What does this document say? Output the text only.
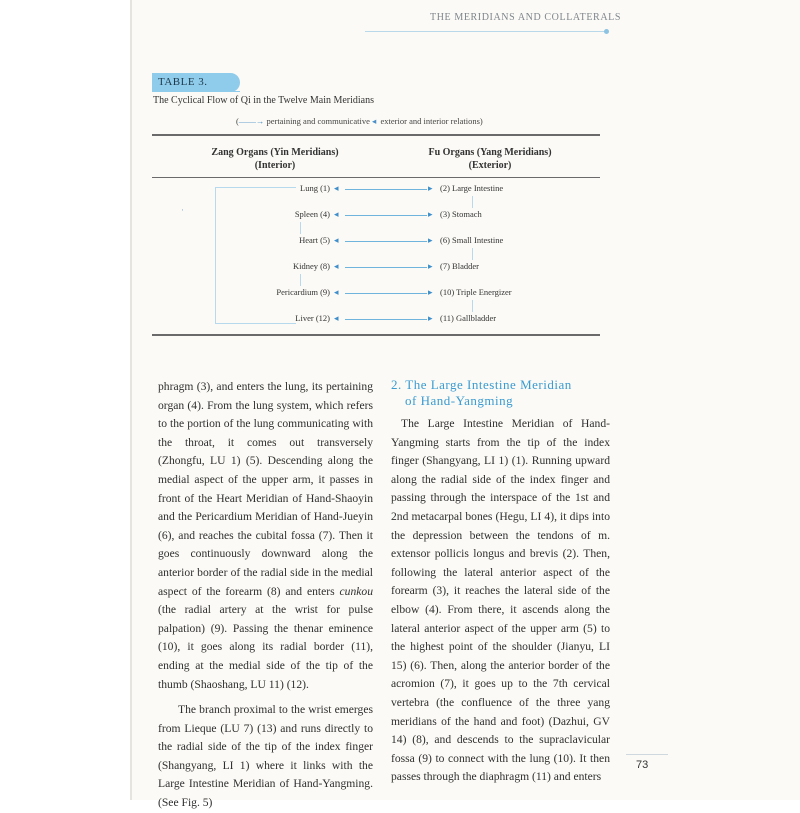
THE MERIDIANS AND COLLATERALS
TABLE 3.
The Cyclical Flow of Qi in the Twelve Main Meridians
(——→ pertaining and communicative ◂ exterior and interior relations)
Zang Organs (Yin Meridians)
(Interior)
Fu Organs (Yang Meridians)
(Exterior)
·
Lung (1)
Spleen (4)
Heart (5)
Kidney (8)
Pericardium (9)
Liver (12)
(2) Large Intestine
(3) Stomach
(6) Small Intestine
(7) Bladder
(10) Triple Energizer
(11) Gallbladder
◂
◂
◂
◂
◂
◂
▸
▸
▸
▸
▸
▸

phragm (3), and enters the lung, its pertaining organ (4). From the lung system, which refers to the portion of the lung communicating with the throat, it comes out transversely (Zhongfu, LU 1) (5). Descending along the medial aspect of the upper arm, it passes in front of the Heart Meridian of Hand-Shaoyin and the Pericardium Meridian of Hand-Jueyin (6), and reaches the cubital fossa (7). Then it goes continuously downward along the anterior border of the radial side in the medial aspect of the forearm (8) and enters cunkou (the radial artery at the wrist for pulse palpation) (9). Passing the thenar eminence (10), it goes along its radial border (11), ending at the medial side of the tip of the thumb (Shaoshang, LU 11) (12).

The branch proximal to the wrist emerges from Lieque (LU 7) (13) and runs directly to the radial side of the tip of the index finger (Shangyang, LI 1) where it links with the Large Intestine Meridian of Hand-Yangming. (See Fig. 5)

2. The Large Intestine Meridian
of Hand-Yangming

The Large Intestine Meridian of Hand-Yangming starts from the tip of the index finger (Shangyang, LI 1) (1). Running upward along the radial side of the index finger and passing through the interspace of the 1st and 2nd metacarpal bones (Hegu, LI 4), it dips into the depression between the tendons of m. extensor pollicis longus and brevis (2). Then, following the lateral anterior aspect of the forearm (3), it reaches the lateral side of the elbow (4). From there, it ascends along the lateral anterior aspect of the upper arm (5) to the highest point of the shoulder (Jianyu, LI 15) (6). Then, along the anterior border of the acromion (7), it goes up to the 7th cervical vertebra (the confluence of the three yang meridians of the hand and foot) (Dazhui, GV 14) (8), and descends to the supraclavicular fossa (9) to connect with the lung (10). It then passes through the diaphragm (11) and enters

73
